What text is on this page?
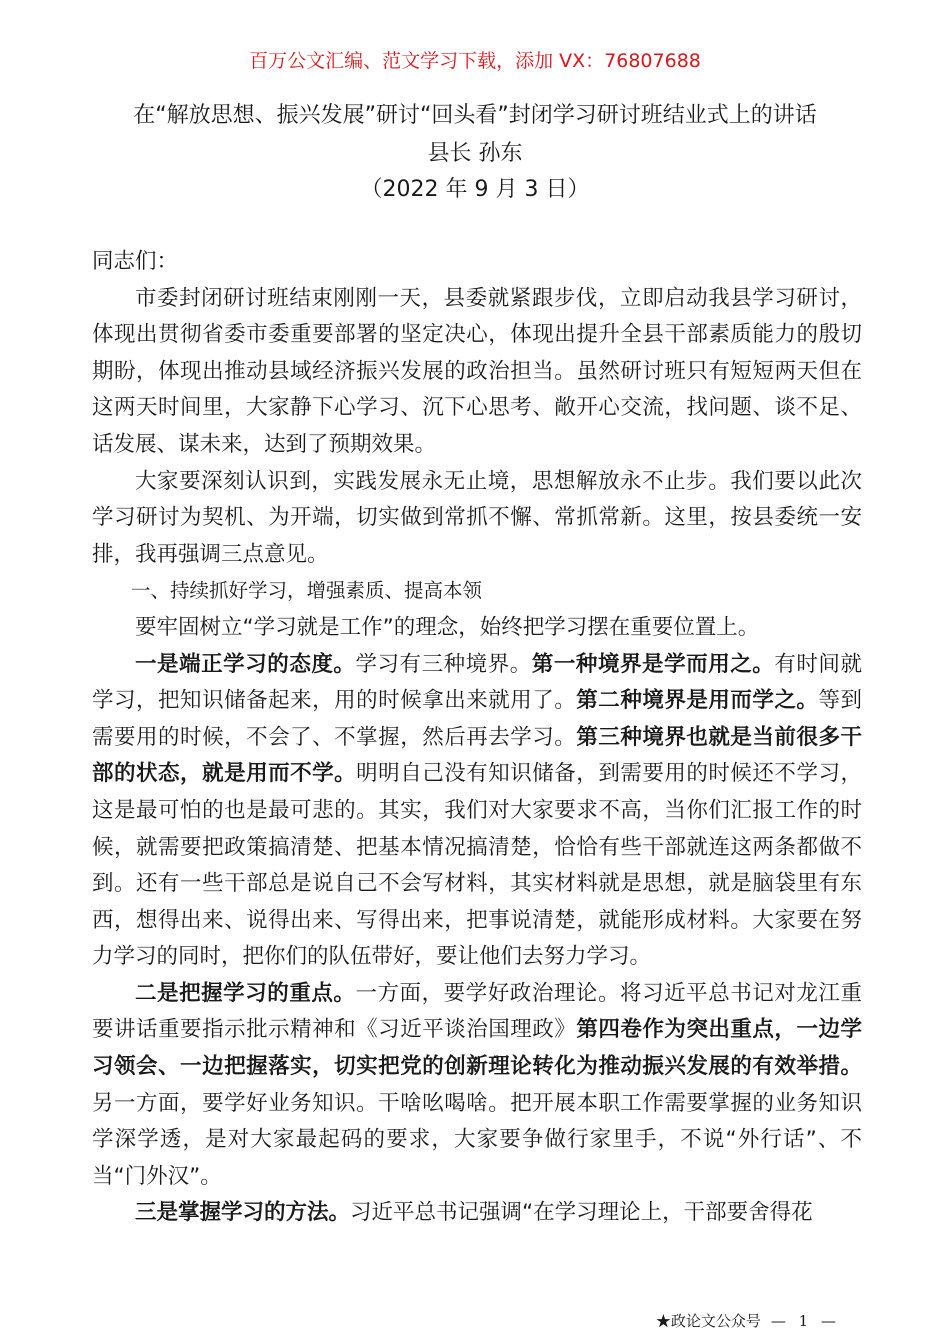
百万公文汇编、范文学习下载，添加 VX：76807688
在“解放思想、振兴发展”研讨“回头看”封闭学习研讨班结业式上的讲话
县长 孙东
（2022 年 9 月 3 日）

同志们：

市委封闭研讨班结束刚刚一天，县委就紧跟步伐，立即启动我县学习研讨，体现出贯彻省委市委重要部署的坚定决心，体现出提升全县干部素质能力的殷切期盼，体现出推动县域经济振兴发展的政治担当。虽然研讨班只有短短两天但在这两天时间里，大家静下心学习、沉下心思考、敞开心交流，找问题、谈不足、话发展、谋未来，达到了预期效果。

大家要深刻认识到，实践发展永无止境，思想解放永不止步。我们要以此次学习研讨为契机、为开端，切实做到常抓不懈、常抓常新。这里，按县委统一安排，我再强调三点意见。

一、持续抓好学习，增强素质、提高本领

要牢固树立“学习就是工作”的理念，始终把学习摆在重要位置上。

一是端正学习的态度。学习有三种境界。第一种境界是学而用之。有时间就学习，把知识储备起来，用的时候拿出来就用了。第二种境界是用而学之。等到需要用的时候，不会了、不掌握，然后再去学习。第三种境界也就是当前很多干部的状态，就是用而不学。明明自己没有知识储备，到需要用的时候还不学习，这是最可怕的也是最可悲的。其实，我们对大家要求不高，当你们汇报工作的时候，就需要把政策搞清楚、把基本情况搞清楚，恰恰有些干部就连这两条都做不到。还有一些干部总是说自己不会写材料，其实材料就是思想，就是脑袋里有东西，想得出来、说得出来、写得出来，把事说清楚，就能形成材料。大家要在努力学习的同时，把你们的队伍带好，要让他们去努力学习。

二是把握学习的重点。一方面，要学好政治理论。将习近平总书记对龙江重要讲话重要指示批示精神和《习近平谈治国理政》第四卷作为突出重点，一边学习领会、一边把握落实，切实把党的创新理论转化为推动振兴发展的有效举措。另一方面，要学好业务知识。干啥吆喝啥。把开展本职工作需要掌握的业务知识学深学透，是对大家最起码的要求，大家要争做行家里手，不说“外行话”、不当“门外汉”。

三是掌握学习的方法。习近平总书记强调“在学习理论上，干部要舍得花

★政论文公众号 — 1 —
